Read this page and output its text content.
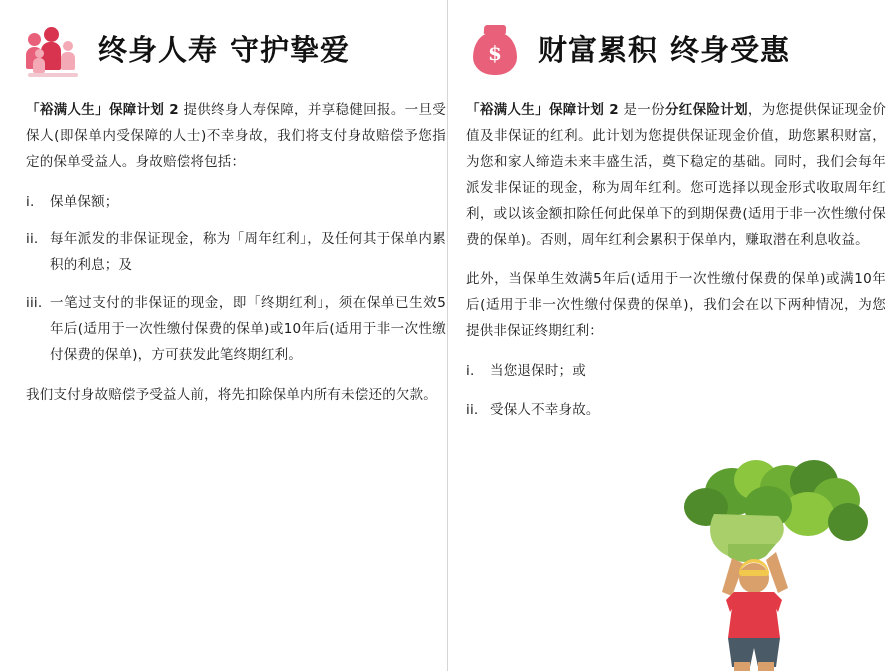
终身人寿 守护挚爱

「裕满人生」保障计划 2 提供终身人寿保障，并享稳健回报。一旦受保人(即保单内受保障的人士)不幸身故，我们将支付身故赔偿予您指定的保单受益人。身故赔偿将包括：

i.	保单保额；
ii. 每年派发的非保证现金，称为「周年红利」，及任何其于保单内累积的利息；及
iii. 一笔过支付的非保证的现金，即「终期红利」，须在保单已生效5年后(适用于一次性缴付保费的保单)或10年后(适用于非一次性缴付保费的保单)，方可获发此笔终期红利。

我们支付身故赔偿予受益人前，将先扣除保单内所有未偿还的欠款。

$	财富累积 终身受惠

「裕满人生」保障计划 2 是一份分红保险计划，为您提供保证现金价值及非保证的红利。此计划为您提供保证现金价值，助您累积财富，为您和家人缔造未来丰盛生活，奠下稳定的基础。同时，我们会每年派发非保证的现金，称为周年红利。您可选择以现金形式收取周年红利，或以该金额扣除任何此保单下的到期保费(适用于非一次性缴付保费的保单)。否则，周年红利会累积于保单内，赚取潜在利息收益。

此外，当保单生效满5年后(适用于一次性缴付保费的保单)或满10年后(适用于非一次性缴付保费的保单)，我们会在以下两种情况，为您提供非保证终期红利：

i.	当您退保时；或
ii. 受保人不幸身故。
